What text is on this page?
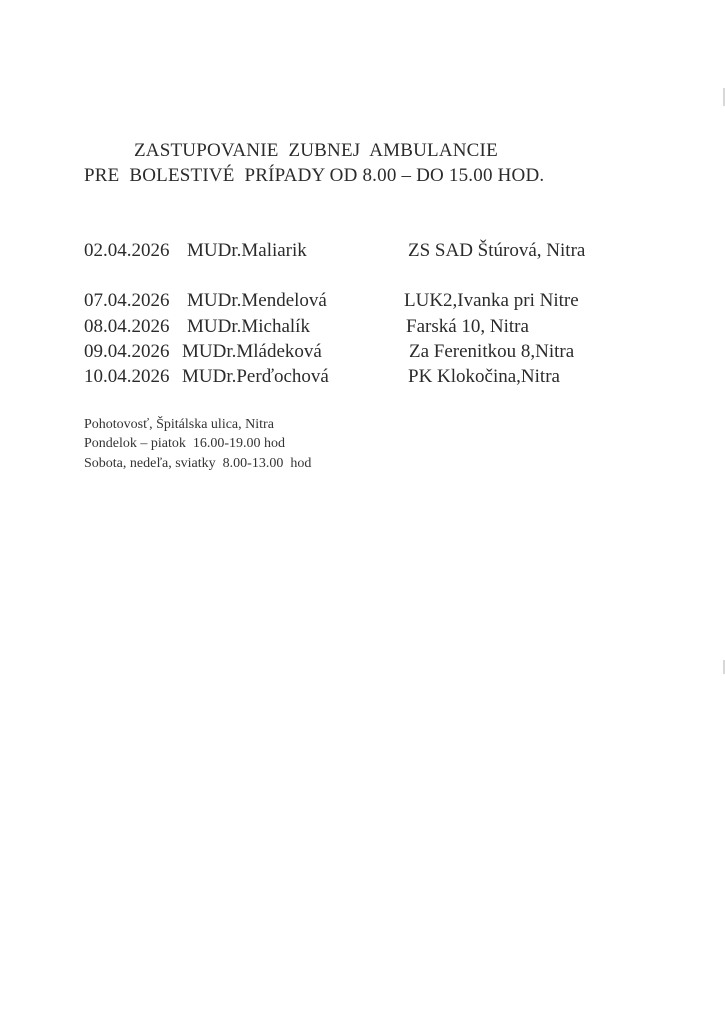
ZASTUPOVANIE  ZUBNEJ  AMBULANCIE
PRE  BOLESTIVÉ  PRÍPADY OD 8.00 – DO 15.00 HOD.
02.04.2026 MUDr.Maliarik	ZS SAD Štúrová, Nitra
07.04.2026 MUDr.Mendelová	LUK2,Ivanka pri Nitre
08.04.2026 MUDr.Michalík	Farská 10, Nitra
09.04.2026 MUDr.Mládeková	Za Ferenitkou 8,Nitra
10.04.2026 MUDr.Perďochová	PK Klokočina,Nitra
Pohotovosť, Špitálska ulica, Nitra
Pondelok – piatok  16.00-19.00 hod
Sobota, nedeľa, sviatky  8.00-13.00  hod
